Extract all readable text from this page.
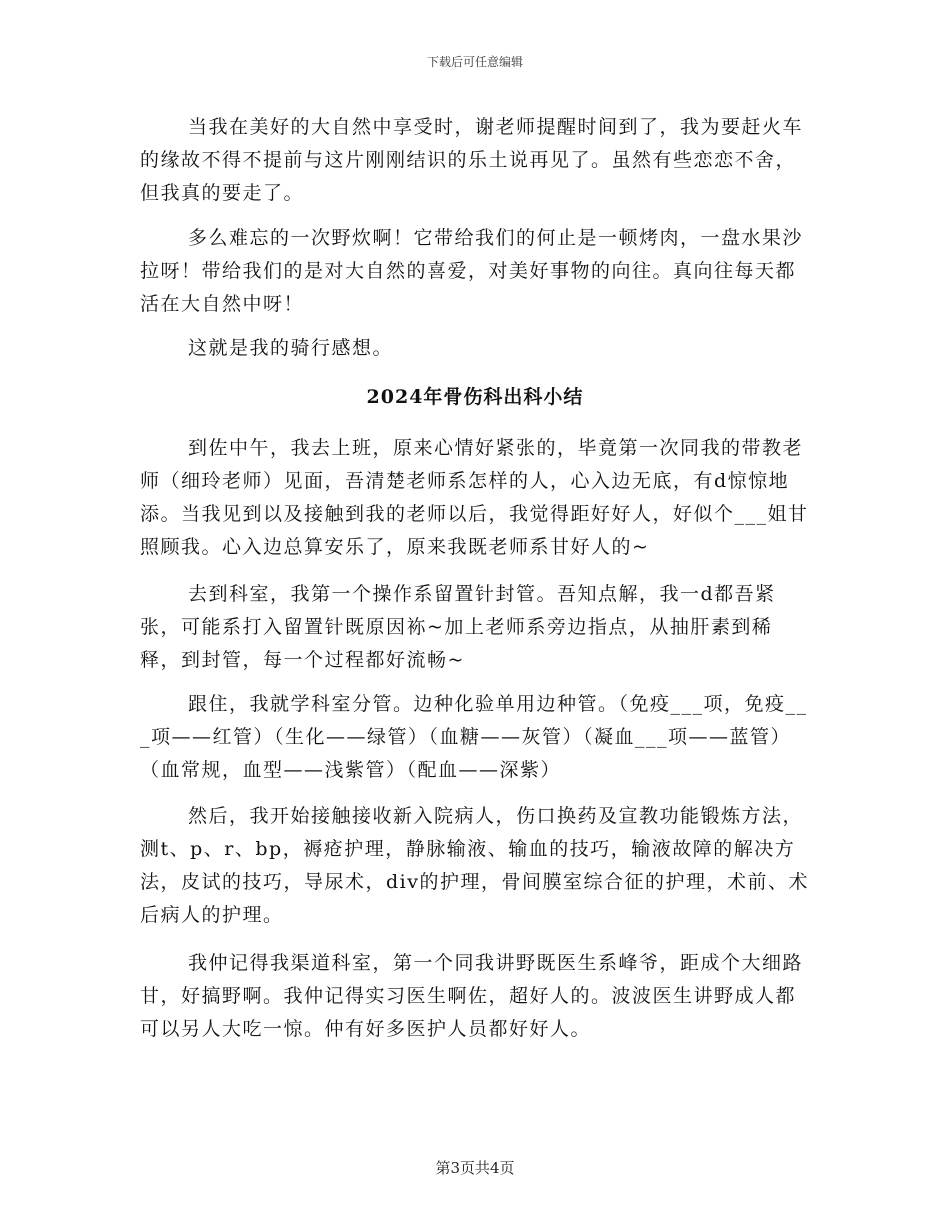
下载后可任意编辑

当我在美好的大自然中享受时，谢老师提醒时间到了，我为要赶火车的缘故不得不提前与这片刚刚结识的乐土说再见了。虽然有些恋恋不舍，但我真的要走了。

多么难忘的一次野炊啊！它带给我们的何止是一顿烤肉，一盘水果沙拉呀！带给我们的是对大自然的喜爱，对美好事物的向往。真向往每天都活在大自然中呀！

这就是我的骑行感想。

2024年骨伤科出科小结

到佐中午，我去上班，原来心情好紧张的，毕竟第一次同我的带教老师（细玲老师）见面，吾清楚老师系怎样的人，心入边无底，有d惊惊地添。当我见到以及接触到我的老师以后，我觉得距好好人，好似个___姐甘照顾我。心入边总算安乐了，原来我既老师系甘好人的~

去到科室，我第一个操作系留置针封管。吾知点解，我一d都吾紧张，可能系打入留置针既原因袮~加上老师系旁边指点，从抽肝素到稀释，到封管，每一个过程都好流畅~

跟住，我就学科室分管。边种化验单用边种管。（免疫___项，免疫___项——红管）（生化——绿管）（血糖——灰管）（凝血___项——蓝管）（血常规，血型——浅紫管）（配血——深紫）

然后，我开始接触接收新入院病人，伤口换药及宣教功能锻炼方法，测t、p、r、bp，褥疮护理，静脉输液、输血的技巧，输液故障的解决方法，皮试的技巧，导尿术，div的护理，骨间膜室综合征的护理，术前、术后病人的护理。

我仲记得我渠道科室，第一个同我讲野既医生系峰爷，距成个大细路甘，好搞野啊。我仲记得实习医生啊佐，超好人的。波波医生讲野成人都可以另人大吃一惊。仲有好多医护人员都好好人。

第3页共4页
